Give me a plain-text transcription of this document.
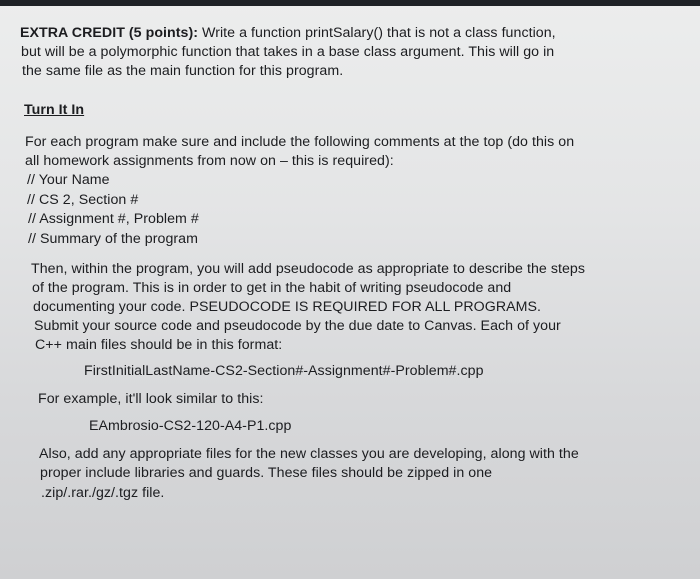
EXTRA CREDIT (5 points): Write a function printSalary() that is not a class function,
but will be a polymorphic function that takes in a base class argument. This will go in
the same file as the main function for this program.
Turn It In
For each program make sure and include the following comments at the top (do this on
all homework assignments from now on – this is required):
// Your Name
// CS 2, Section #
// Assignment #, Problem #
// Summary of the program
Then, within the program, you will add pseudocode as appropriate to describe the steps
of the program. This is in order to get in the habit of writing pseudocode and
documenting your code. PSEUDOCODE IS REQUIRED FOR ALL PROGRAMS.
Submit your source code and pseudocode by the due date to Canvas. Each of your
C++ main files should be in this format:
FirstInitialLastName-CS2-Section#-Assignment#-Problem#.cpp
For example, it'll look similar to this:
EAmbrosio-CS2-120-A4-P1.cpp
Also, add any appropriate files for the new classes you are developing, along with the
proper include libraries and guards. These files should be zipped in one
.zip/.rar./gz/.tgz file.
